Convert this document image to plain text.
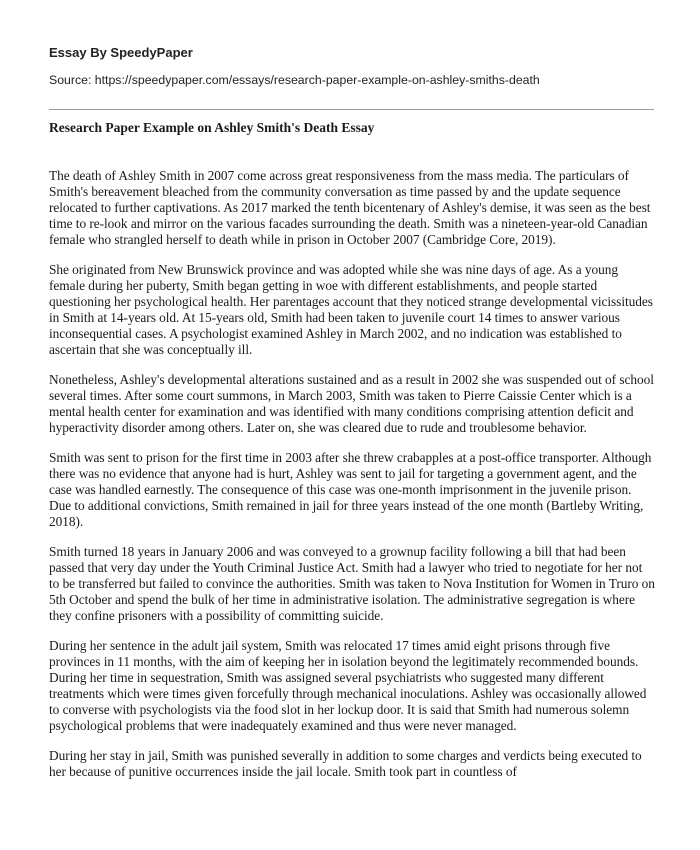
Essay By SpeedyPaper
Source: https://speedypaper.com/essays/research-paper-example-on-ashley-smiths-death
Research Paper Example on Ashley Smith's Death Essay

The death of Ashley Smith in 2007 come across great responsiveness from the mass media. The particulars of Smith's bereavement bleached from the community conversation as time passed by and the update sequence relocated to further captivations. As 2017 marked the tenth bicentenary of Ashley's demise, it was seen as the best time to re-look and mirror on the various facades surrounding the death. Smith was a nineteen-year-old Canadian female who strangled herself to death while in prison in October 2007 (Cambridge Core, 2019).

She originated from New Brunswick province and was adopted while she was nine days of age. As a young female during her puberty, Smith began getting in woe with different establishments, and people started questioning her psychological health. Her parentages account that they noticed strange developmental vicissitudes in Smith at 14-years old. At 15-years old, Smith had been taken to juvenile court 14 times to answer various inconsequential cases. A psychologist examined Ashley in March 2002, and no indication was established to ascertain that she was conceptually ill.

Nonetheless, Ashley's developmental alterations sustained and as a result in 2002 she was suspended out of school several times. After some court summons, in March 2003, Smith was taken to Pierre Caissie Center which is a mental health center for examination and was identified with many conditions comprising attention deficit and hyperactivity disorder among others. Later on, she was cleared due to rude and troublesome behavior.

Smith was sent to prison for the first time in 2003 after she threw crabapples at a post-office transporter. Although there was no evidence that anyone had is hurt, Ashley was sent to jail for targeting a government agent, and the case was handled earnestly. The consequence of this case was one-month imprisonment in the juvenile prison. Due to additional convictions, Smith remained in jail for three years instead of the one month (Bartleby Writing, 2018).

Smith turned 18 years in January 2006 and was conveyed to a grownup facility following a bill that had been passed that very day under the Youth Criminal Justice Act. Smith had a lawyer who tried to negotiate for her not to be transferred but failed to convince the authorities. Smith was taken to Nova Institution for Women in Truro on 5th October and spend the bulk of her time in administrative isolation. The administrative segregation is where they confine prisoners with a possibility of committing suicide.

During her sentence in the adult jail system, Smith was relocated 17 times amid eight prisons through five provinces in 11 months, with the aim of keeping her in isolation beyond the legitimately recommended bounds. During her time in sequestration, Smith was assigned several psychiatrists who suggested many different treatments which were times given forcefully through mechanical inoculations. Ashley was occasionally allowed to converse with psychologists via the food slot in her lockup door. It is said that Smith had numerous solemn psychological problems that were inadequately examined and thus were never managed.

During her stay in jail, Smith was punished severally in addition to some charges and verdicts being executed to her because of punitive occurrences inside the jail locale. Smith took part in countless of
